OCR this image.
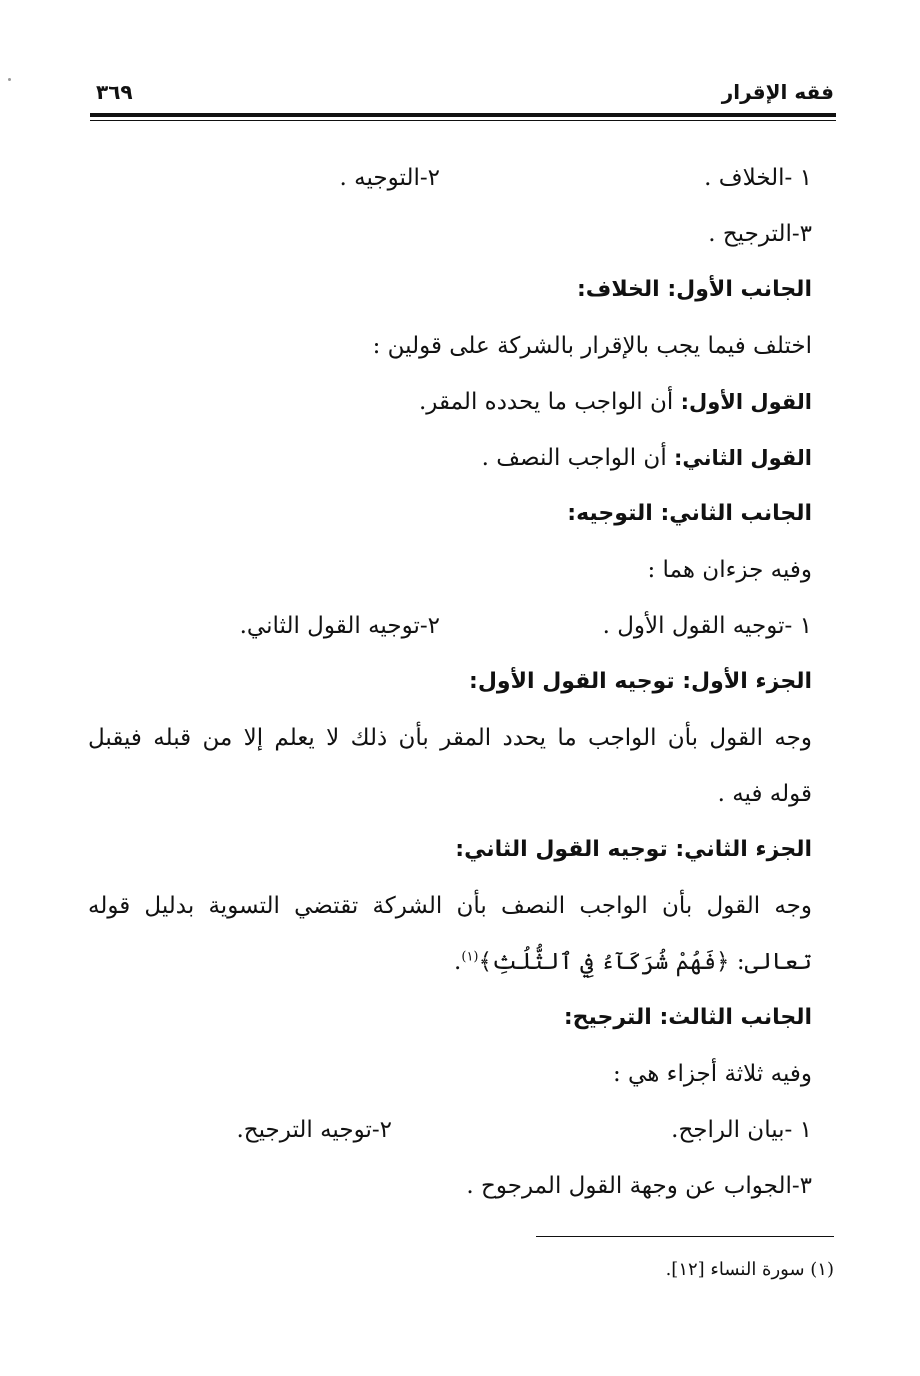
فقه الإقرار
٣٦٩
١ -الخلاف .
٢-التوجيه .
٣-الترجيح .
الجانب الأول: الخلاف:
اختلف فيما يجب بالإقرار بالشركة على قولين :
القول الأول: أن الواجب ما يحدده المقر.
القول الثاني: أن الواجب النصف .
الجانب الثاني: التوجيه:
وفيه جزءان هما :
١ -توجيه القول الأول .
٢-توجيه القول الثاني.
الجزء الأول: توجيه القول الأول:
وجه القول بأن الواجب ما يحدد المقر بأن ذلك لا يعلم إلا من قبله فيقبل
قوله فيه .
الجزء الثاني: توجيه القول الثاني:
وجه القول بأن الواجب النصف بأن الشركة تقتضي التسوية بدليل قوله
تعالى: ﴿فَهُمْ شُرَكَآءُ فِي ٱلثُّلُثِ﴾$^{(١)}$.
الجانب الثالث: الترجيح:
وفيه ثلاثة أجزاء هي :
١ -بيان الراجح.
٢-توجيه الترجيح.
٣-الجواب عن وجهة القول المرجوح .
(١) سورة النساء [١٢].
